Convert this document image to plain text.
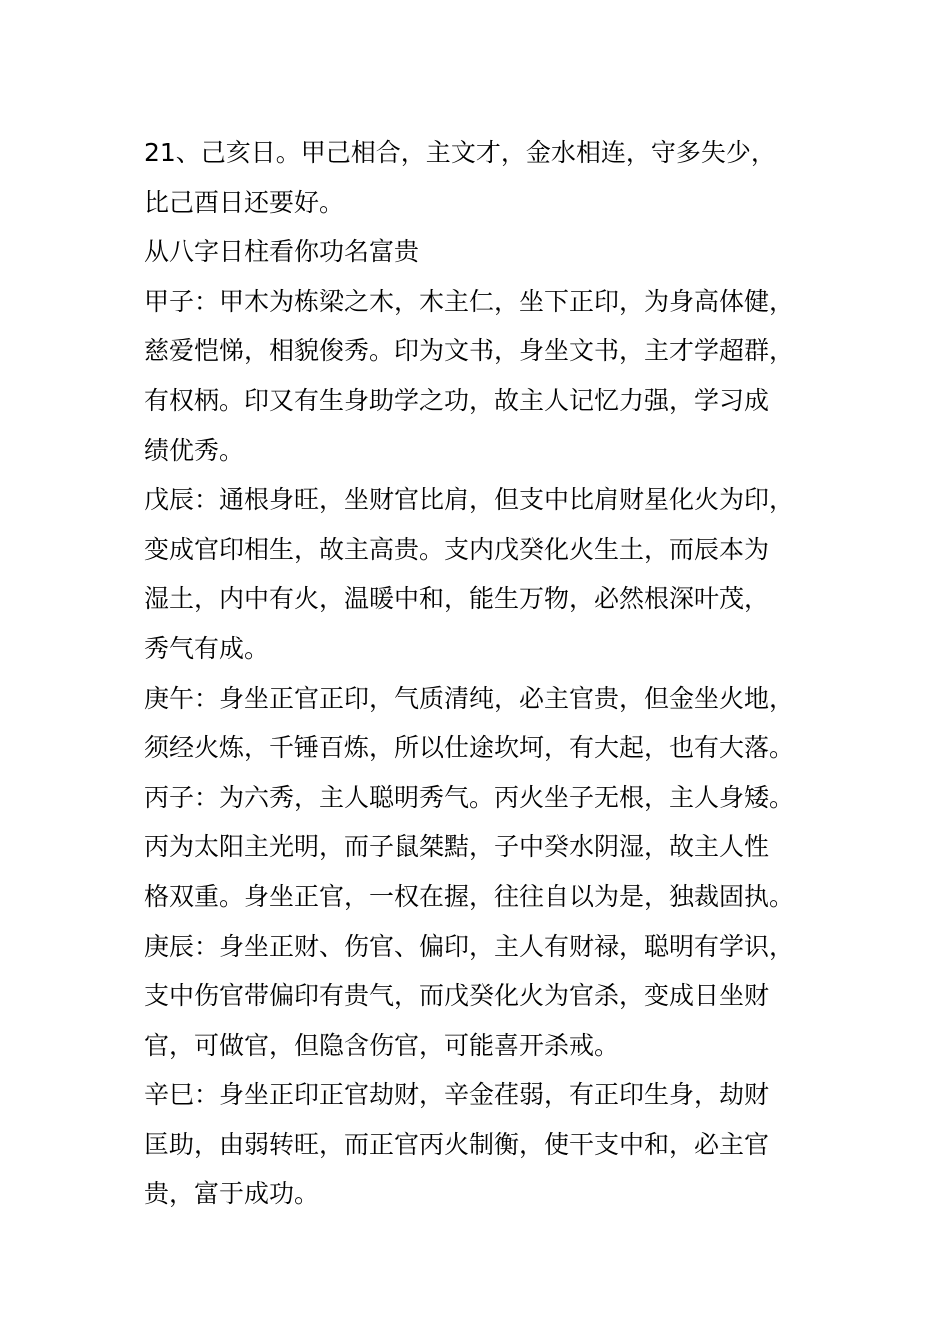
21、己亥日。甲己相合，主文才，金水相连，守多失少，
比己酉日还要好。
从八字日柱看你功名富贵
甲子：甲木为栋梁之木，木主仁，坐下正印，为身高体健，
慈爱恺悌，相貌俊秀。印为文书，身坐文书，主才学超群，
有权柄。印又有生身助学之功，故主人记忆力强，学习成
绩优秀。
戊辰：通根身旺，坐财官比肩，但支中比肩财星化火为印，
变成官印相生，故主高贵。支内戊癸化火生土，而辰本为
湿土，内中有火，温暖中和，能生万物，必然根深叶茂，
秀气有成。
庚午：身坐正官正印，气质清纯，必主官贵，但金坐火地，
须经火炼，千锤百炼，所以仕途坎坷，有大起，也有大落。
丙子：为六秀，主人聪明秀气。丙火坐子无根，主人身矮。
丙为太阳主光明，而子鼠桀黠，子中癸水阴湿，故主人性
格双重。身坐正官，一权在握，往往自以为是，独裁固执。
庚辰：身坐正财、伤官、偏印，主人有财禄，聪明有学识，
支中伤官带偏印有贵气，而戊癸化火为官杀，变成日坐财
官，可做官，但隐含伤官，可能喜开杀戒。
辛巳：身坐正印正官劫财，辛金荏弱，有正印生身，劫财
匡助，由弱转旺，而正官丙火制衡，使干支中和，必主官
贵，富于成功。
